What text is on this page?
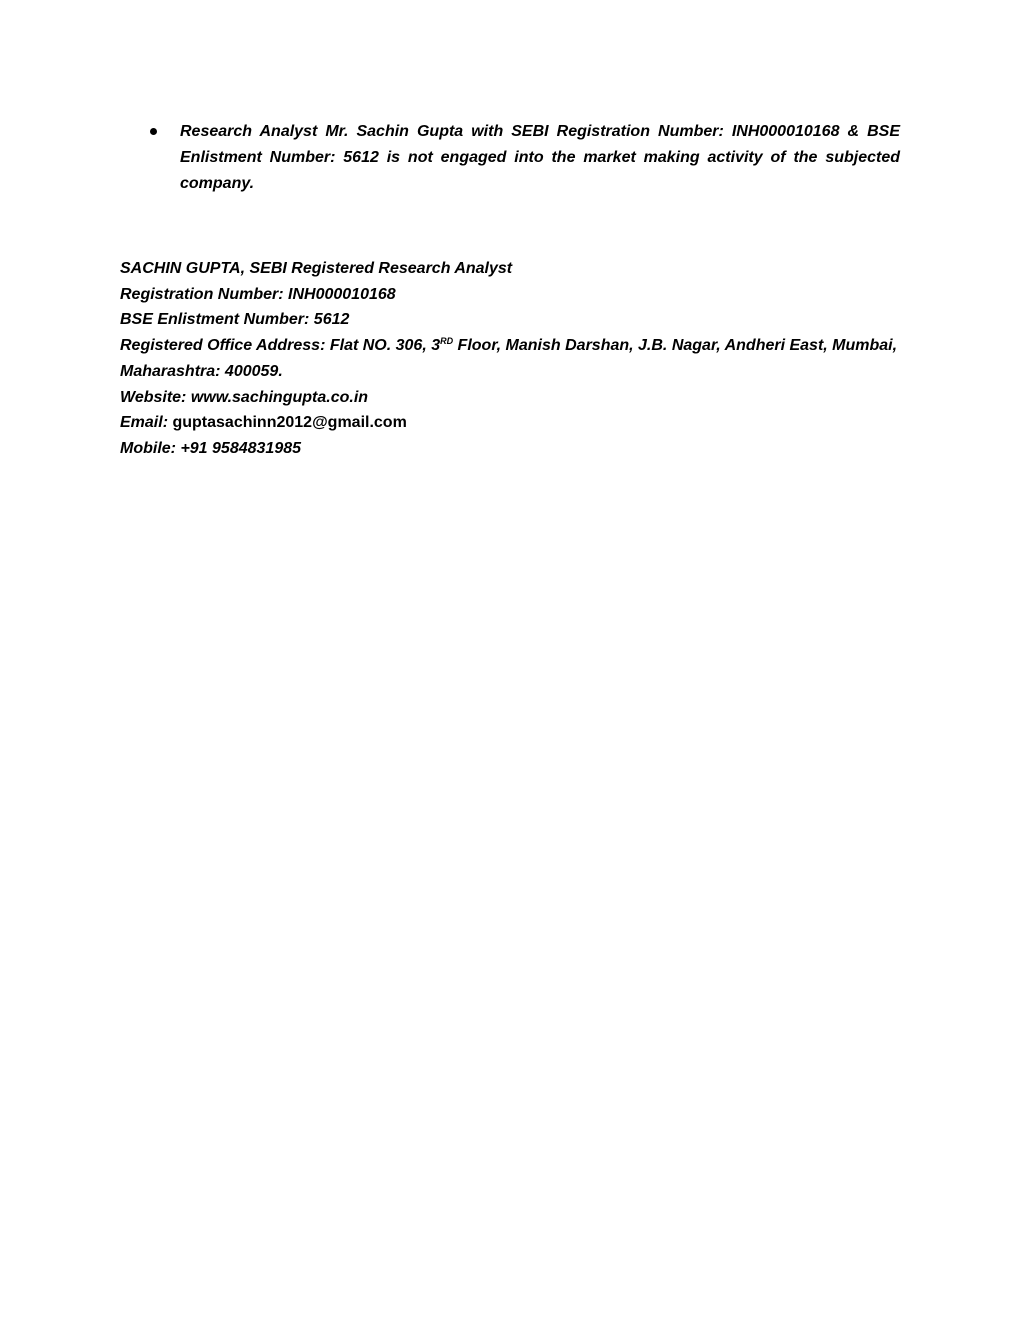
Research Analyst Mr. Sachin Gupta with SEBI Registration Number: INH000010168 & BSE Enlistment Number: 5612 is not engaged into the market making activity of the subjected company.

SACHIN GUPTA, SEBI Registered Research Analyst

Registration Number: INH000010168

BSE Enlistment Number: 5612

Registered Office Address: Flat NO. 306, 3RD Floor, Manish Darshan, J.B. Nagar, Andheri East, Mumbai,

Maharashtra: 400059.

Website: www.sachingupta.co.in

Email: guptasachinn2012@gmail.com

Mobile: +91 9584831985
